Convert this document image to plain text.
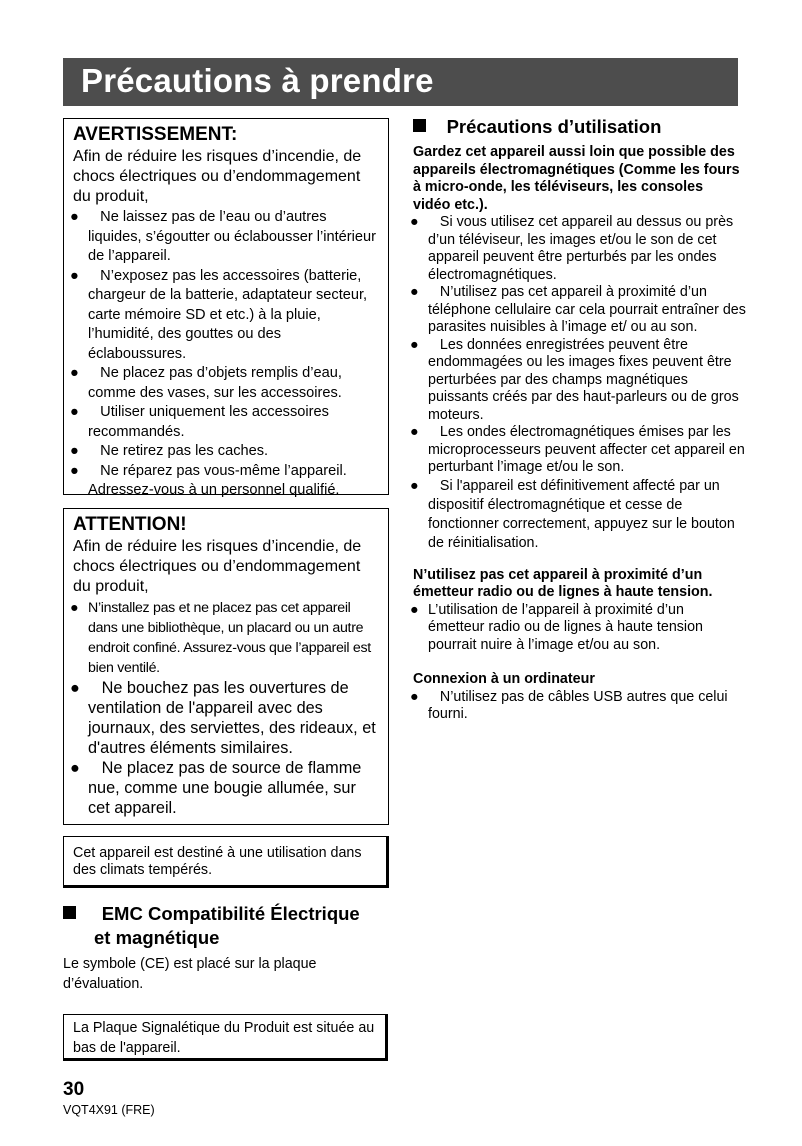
Précautions à prendre
AVERTISSEMENT:
Afin de réduire les risques d’incendie, de chocs électriques ou d’endommagement du produit,
● Ne laissez pas de l’eau ou d’autres liquides, s’égoutter ou éclabousser l’intérieur de l’appareil.
● N’exposez pas les accessoires (batterie, chargeur de la batterie, adaptateur secteur, carte mémoire SD et etc.) à la pluie, l’humidité, des gouttes ou des éclaboussures.
● Ne placez pas d’objets remplis d’eau, comme des vases, sur les accessoires.
● Utiliser uniquement les accessoires recommandés.
● Ne retirez pas les caches.
● Ne réparez pas vous-même l’appareil. Adressez-vous à un personnel qualifié.
ATTENTION!
Afin de réduire les risques d’incendie, de chocs électriques ou d’endommagement du produit,
● N’installez pas et ne placez pas cet appareil dans une bibliothèque, un placard ou un autre endroit confiné. Assurez-vous que l’appareil est bien ventilé.
● Ne bouchez pas les ouvertures de ventilation de l'appareil avec des journaux, des serviettes, des rideaux, et d'autres éléments similaires.
● Ne placez pas de source de flamme nue, comme une bougie allumée, sur cet appareil.
Cet appareil est destiné à une utilisation dans des climats tempérés.
EMC Compatibilité Électrique
et magnétique
Le symbole (CE) est placé sur la plaque d’évaluation.
La Plaque Signalétique du Produit est située au bas de l'appareil.
30
VQT4X91 (FRE)
Précautions d’utilisation
Gardez cet appareil aussi loin que possible des appareils électromagnétiques (Comme les fours à micro-onde, les téléviseurs, les consoles vidéo etc.).
● Si vous utilisez cet appareil au dessus ou près d’un téléviseur, les images et/ou le son de cet appareil peuvent être perturbés par les ondes électromagnétiques.
● N’utilisez pas cet appareil à proximité d’un téléphone cellulaire car cela pourrait entraîner des parasites nuisibles à l’image et/ ou au son.
● Les données enregistrées peuvent être endommagées ou les images fixes peuvent être perturbées par des champs magnétiques puissants créés par des haut-parleurs ou de gros moteurs.
● Les ondes électromagnétiques émises par les microprocesseurs peuvent affecter cet appareil en perturbant l’image et/ou le son.
● Si l'appareil est définitivement affecté par un dispositif électromagnétique et cesse de fonctionner correctement, appuyez sur le bouton de réinitialisation.
N’utilisez pas cet appareil à proximité d’un émetteur radio ou de lignes à haute tension.
● L’utilisation de l’appareil à proximité d’un émetteur radio ou de lignes à haute tension pourrait nuire à l’image et/ou au son.
Connexion à un ordinateur
● N’utilisez pas de câbles USB autres que celui fourni.
